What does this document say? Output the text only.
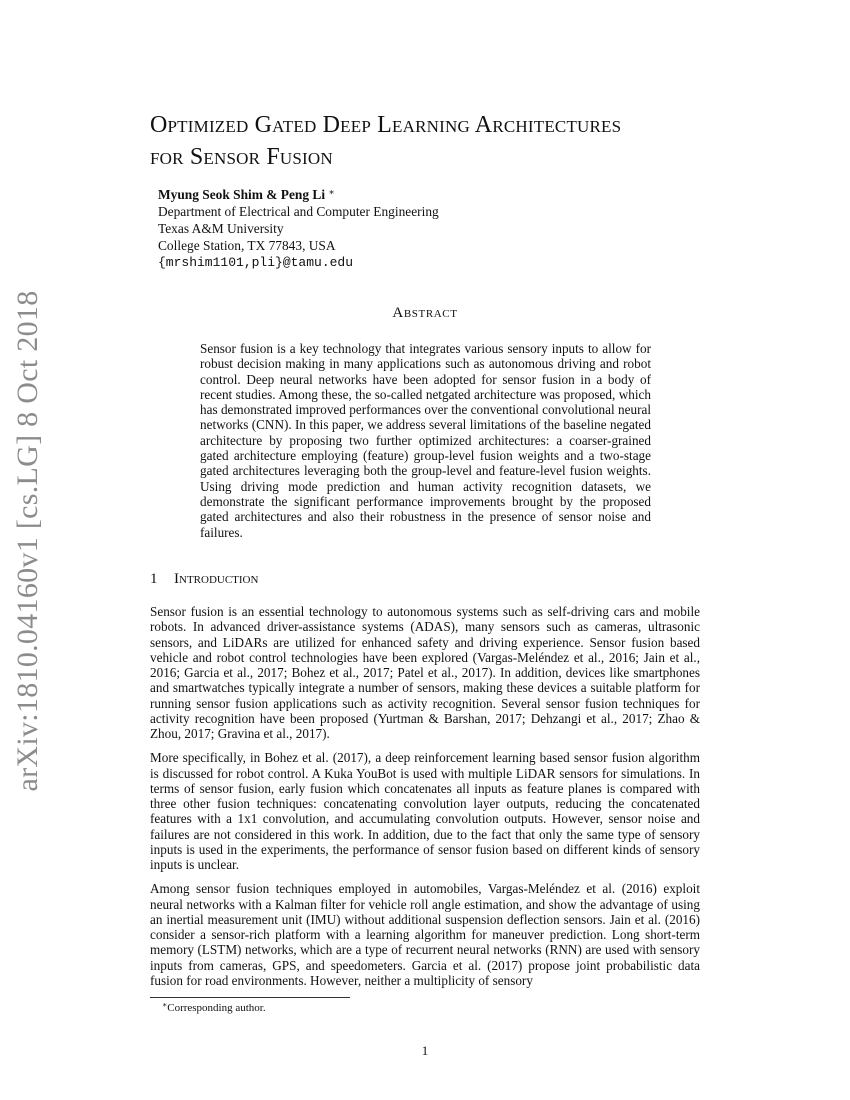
arXiv:1810.04160v1 [cs.LG] 8 Oct 2018
Optimized Gated Deep Learning Architectures
for Sensor Fusion
Myung Seok Shim & Peng Li ∗
Department of Electrical and Computer Engineering
Texas A&M University
College Station, TX 77843, USA
{mrshim1101,pli}@tamu.edu
Abstract
Sensor fusion is a key technology that integrates various sensory inputs to allow for robust decision making in many applications such as autonomous driving and robot control. Deep neural networks have been adopted for sensor fusion in a body of recent studies. Among these, the so-called netgated architecture was proposed, which has demonstrated improved performances over the conventional convolutional neural networks (CNN). In this paper, we address several limitations of the baseline negated architecture by proposing two further optimized architectures: a coarser-grained gated architecture employing (feature) group-level fusion weights and a two-stage gated architectures leveraging both the group-level and feature-level fusion weights. Using driving mode prediction and human activity recognition datasets, we demonstrate the significant performance improvements brought by the proposed gated architectures and also their robustness in the presence of sensor noise and failures.
1 Introduction

Sensor fusion is an essential technology to autonomous systems such as self-driving cars and mobile robots. In advanced driver-assistance systems (ADAS), many sensors such as cameras, ultrasonic sensors, and LiDARs are utilized for enhanced safety and driving experience. Sensor fusion based vehicle and robot control technologies have been explored (Vargas-Meléndez et al., 2016; Jain et al., 2016; Garcia et al., 2017; Bohez et al., 2017; Patel et al., 2017). In addition, devices like smartphones and smartwatches typically integrate a number of sensors, making these devices a suitable platform for running sensor fusion applications such as activity recognition. Several sensor fusion techniques for activity recognition have been proposed (Yurtman & Barshan, 2017; Dehzangi et al., 2017; Zhao & Zhou, 2017; Gravina et al., 2017).

More specifically, in Bohez et al. (2017), a deep reinforcement learning based sensor fusion algorithm is discussed for robot control. A Kuka YouBot is used with multiple LiDAR sensors for simulations. In terms of sensor fusion, early fusion which concatenates all inputs as feature planes is compared with three other fusion techniques: concatenating convolution layer outputs, reducing the concatenated features with a 1x1 convolution, and accumulating convolution outputs. However, sensor noise and failures are not considered in this work. In addition, due to the fact that only the same type of sensory inputs is used in the experiments, the performance of sensor fusion based on different kinds of sensory inputs is unclear.

Among sensor fusion techniques employed in automobiles, Vargas-Meléndez et al. (2016) exploit neural networks with a Kalman filter for vehicle roll angle estimation, and show the advantage of using an inertial measurement unit (IMU) without additional suspension deflection sensors. Jain et al. (2016) consider a sensor-rich platform with a learning algorithm for maneuver prediction. Long short-term memory (LSTM) networks, which are a type of recurrent neural networks (RNN) are used with sensory inputs from cameras, GPS, and speedometers. Garcia et al. (2017) propose joint probabilistic data fusion for road environments. However, neither a multiplicity of sensory

∗Corresponding author.
1
